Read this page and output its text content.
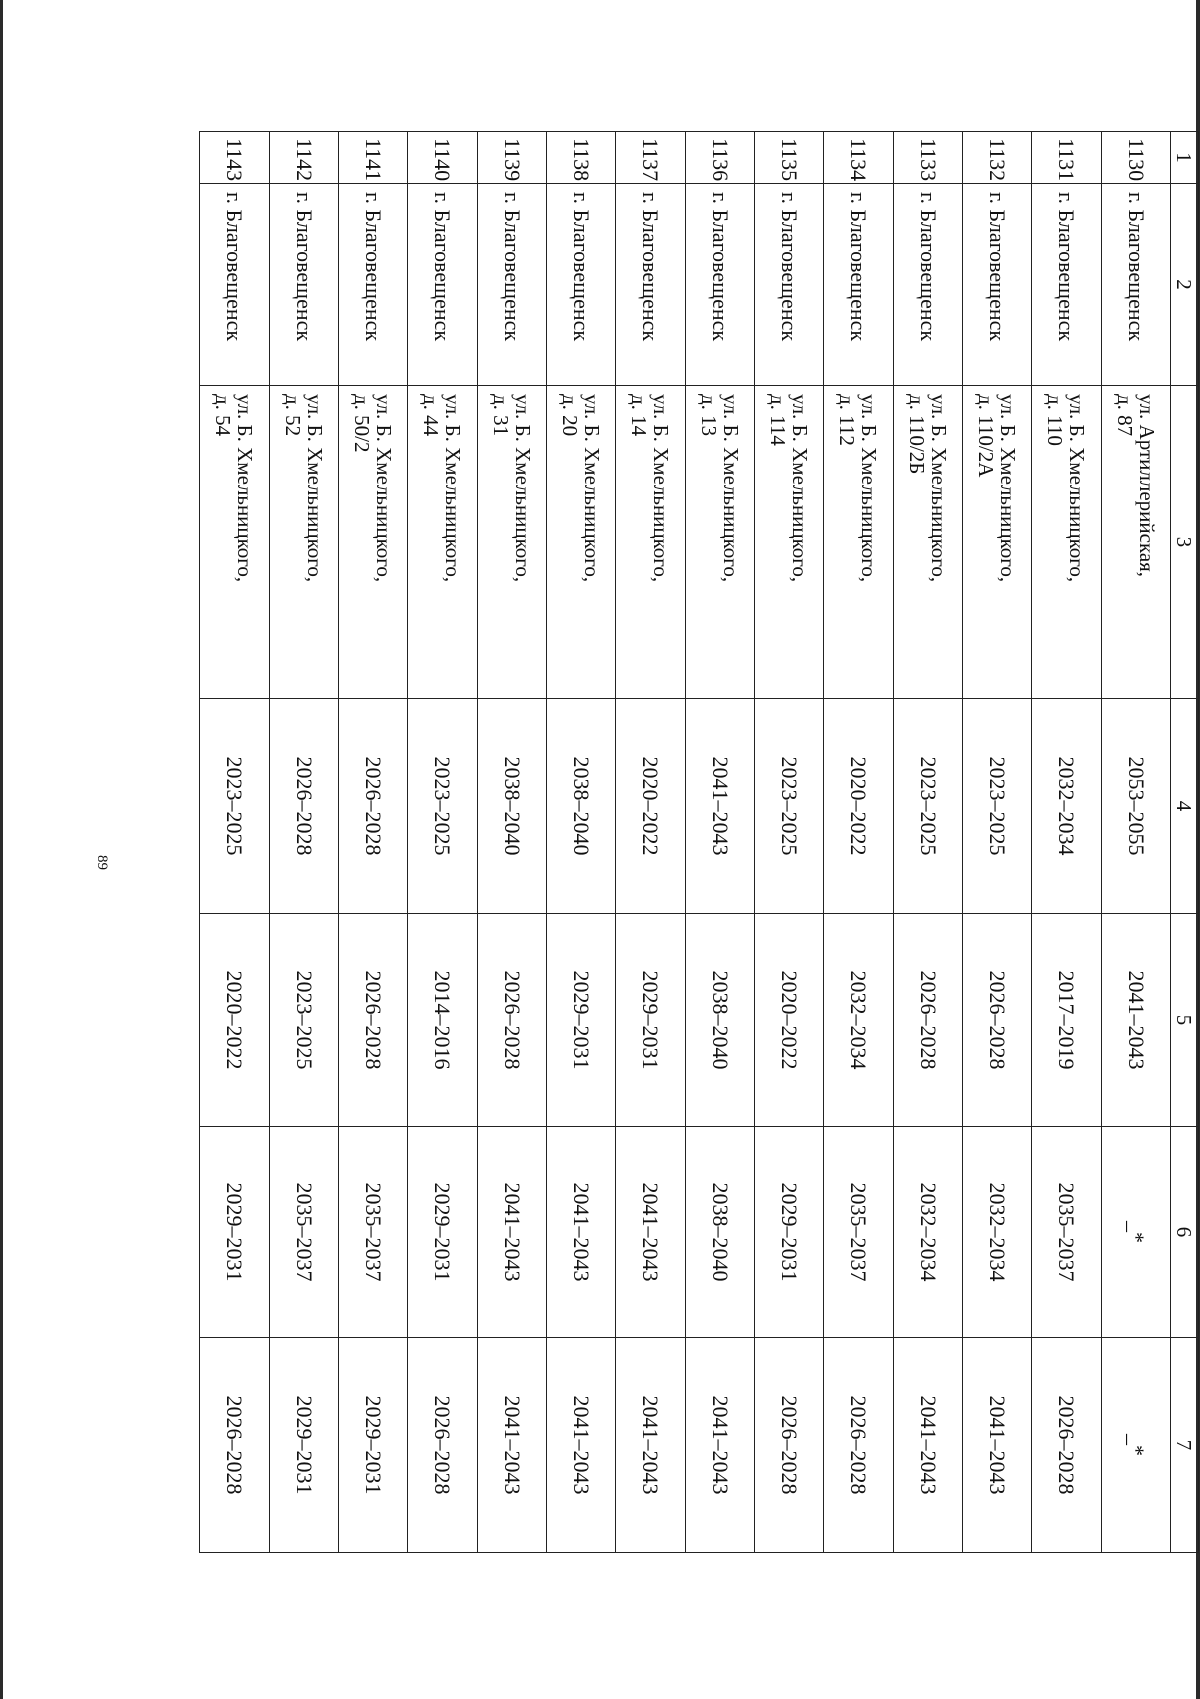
89
1	2	3	4	5	6	7
1130	г. Благовещенск	ул. Артиллерийская,
д. 87	2053–2055	2041–2043	_*	_*
1131	г. Благовещенск	ул. Б. Хмельницкого,
д. 110	2032–2034	2017–2019	2035–2037	2026–2028
1132	г. Благовещенск	ул. Б. Хмельницкого,
д. 110/2А	2023–2025	2026–2028	2032–2034	2041–2043
1133	г. Благовещенск	ул. Б. Хмельницкого,
д. 110/2Б	2023–2025	2026–2028	2032–2034	2041–2043
1134	г. Благовещенск	ул. Б. Хмельницкого,
д. 112	2020–2022	2032–2034	2035–2037	2026–2028
1135	г. Благовещенск	ул. Б. Хмельницкого,
д. 114	2023–2025	2020–2022	2029–2031	2026–2028
1136	г. Благовещенск	ул. Б. Хмельницкого,
д. 13	2041–2043	2038–2040	2038–2040	2041–2043
1137	г. Благовещенск	ул. Б. Хмельницкого,
д. 14	2020–2022	2029–2031	2041–2043	2041–2043
1138	г. Благовещенск	ул. Б. Хмельницкого,
д. 20	2038–2040	2029–2031	2041–2043	2041–2043
1139	г. Благовещенск	ул. Б. Хмельницкого,
д. 31	2038–2040	2026–2028	2041–2043	2041–2043
1140	г. Благовещенск	ул. Б. Хмельницкого,
д. 44	2023–2025	2014–2016	2029–2031	2026–2028
1141	г. Благовещенск	ул. Б. Хмельницкого,
д. 50/2	2026–2028	2026–2028	2035–2037	2029–2031
1142	г. Благовещенск	ул. Б. Хмельницкого,
д. 52	2026–2028	2023–2025	2035–2037	2029–2031
1143	г. Благовещенск	ул. Б. Хмельницкого,
д. 54	2023–2025	2020–2022	2029–2031	2026–2028
